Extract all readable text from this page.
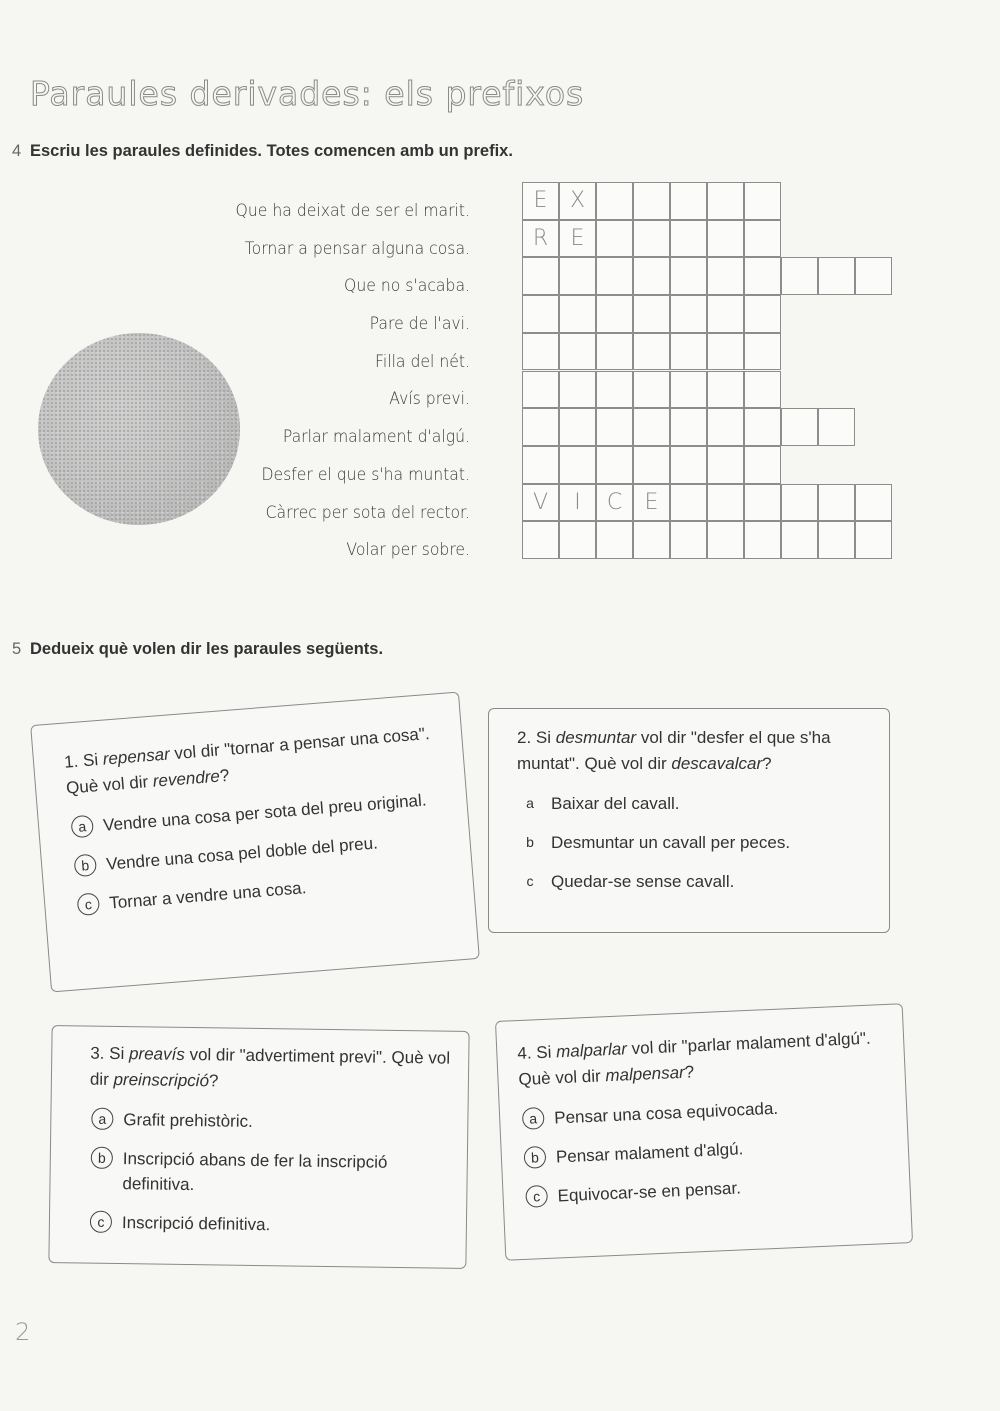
Paraules derivades: els prefixos
4 Escriu les paraules definides. Totes comencen amb un prefix.
Que ha deixat de ser el marit.
Tornar a pensar alguna cosa.
Que no s'acaba.
Pare de l'avi.
Filla del nét.
Avís previ.
Parlar malament d'algú.
Desfer el que s'ha muntat.
Càrrec per sota del rector.
Volar per sobre.
E	X
R	E
V	I	C	E
5 Dedueix què volen dir les paraules següents.
1. Si repensar vol dir "tornar a pensar una cosa". Què vol dir revendre?
a Vendre una cosa per sota del preu original.
b Vendre una cosa pel doble del preu.
c Tornar a vendre una cosa.
2. Si desmuntar vol dir "desfer el que s'ha muntat". Què vol dir descavalcar?
a	Baixar del cavall.
b	Desmuntar un cavall per peces.
c	Quedar-se sense cavall.
3. Si preavís vol dir "advertiment previ". Què vol dir preinscripció?
a Grafit prehistòric.
b Inscripció abans de fer la inscripció definitiva.
c	Inscripció definitiva.
4. Si malparlar vol dir "parlar malament d'algú". Què vol dir malpensar?
a Pensar una cosa equivocada.
b Pensar malament d'algú.
c Equivocar-se en pensar.
2
